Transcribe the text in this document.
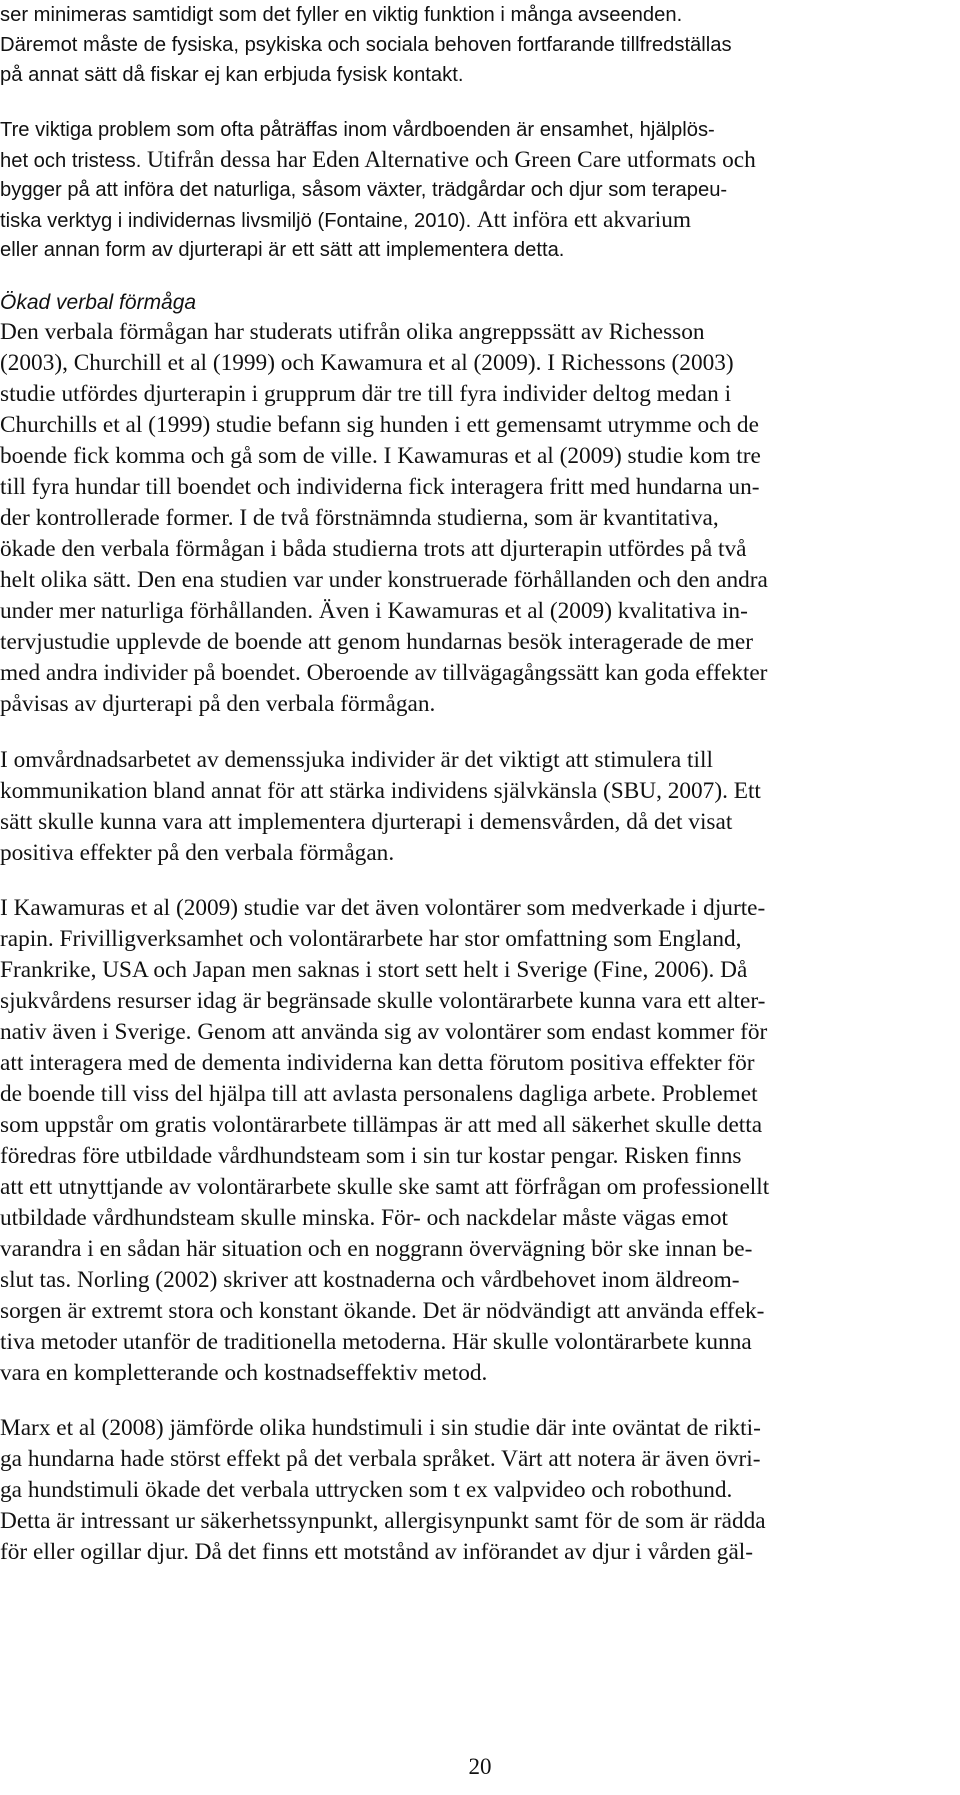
ser minimeras samtidigt som det fyller en viktig funktion i många avseenden.
Däremot måste de fysiska, psykiska och sociala behoven fortfarande tillfredställas
på annat sätt då fiskar ej kan erbjuda fysisk kontakt.
Tre viktiga problem som ofta påträffas inom vårdboenden är ensamhet, hjälplös-
het och tristess. Utifrån dessa har Eden Alternative och Green Care utformats och
bygger på att införa det naturliga, såsom växter, trädgårdar och djur som terapeu-
tiska verktyg i individernas livsmiljö (Fontaine, 2010). Att införa ett akvarium
eller annan form av djurterapi är ett sätt att implementera detta.
Ökad verbal förmåga
Den verbala förmågan har studerats utifrån olika angreppssätt av Richesson
(2003), Churchill et al (1999) och Kawamura et al (2009). I Richessons (2003)
studie utfördes djurterapin i grupprum där tre till fyra individer deltog medan i
Churchills et al (1999) studie befann sig hunden i ett gemensamt utrymme och de
boende fick komma och gå som de ville. I Kawamuras et al (2009) studie kom tre
till fyra hundar till boendet och individerna fick interagera fritt med hundarna un-
der kontrollerade former. I de två förstnämnda studierna, som är kvantitativa,
ökade den verbala förmågan i båda studierna trots att djurterapin utfördes på två
helt olika sätt. Den ena studien var under konstruerade förhållanden och den andra
under mer naturliga förhållanden. Även i Kawamuras et al (2009) kvalitativa in-
tervjustudie upplevde de boende att genom hundarnas besök interagerade de mer
med andra individer på boendet. Oberoende av tillvägagångssätt kan goda effekter
påvisas av djurterapi på den verbala förmågan.
I omvårdnadsarbetet av demenssjuka individer är det viktigt att stimulera till
kommunikation bland annat för att stärka individens självkänsla (SBU, 2007). Ett
sätt skulle kunna vara att implementera djurterapi i demensvården, då det visat
positiva effekter på den verbala förmågan.
I Kawamuras et al (2009) studie var det även volontärer som medverkade i djurte-
rapin. Frivilligverksamhet och volontärarbete har stor omfattning som England,
Frankrike, USA och Japan men saknas i stort sett helt i Sverige (Fine, 2006). Då
sjukvårdens resurser idag är begränsade skulle volontärarbete kunna vara ett alter-
nativ även i Sverige. Genom att använda sig av volontärer som endast kommer för
att interagera med de dementa individerna kan detta förutom positiva effekter för
de boende till viss del hjälpa till att avlasta personalens dagliga arbete. Problemet
som uppstår om gratis volontärarbete tillämpas är att med all säkerhet skulle detta
föredras före utbildade vårdhundsteam som i sin tur kostar pengar. Risken finns
att ett utnyttjande av volontärarbete skulle ske samt att förfrågan om professionellt
utbildade vårdhundsteam skulle minska. För- och nackdelar måste vägas emot
varandra i en sådan här situation och en noggrann övervägning bör ske innan be-
slut tas. Norling (2002) skriver att kostnaderna och vårdbehovet inom äldreom-
sorgen är extremt stora och konstant ökande. Det är nödvändigt att använda effek-
tiva metoder utanför de traditionella metoderna. Här skulle volontärarbete kunna
vara en kompletterande och kostnadseffektiv metod.
Marx et al (2008) jämförde olika hundstimuli i sin studie där inte oväntat de rikti-
ga hundarna hade störst effekt på det verbala språket. Värt att notera är även övri-
ga hundstimuli ökade det verbala uttrycken som t ex valpvideo och robothund.
Detta är intressant ur säkerhetssynpunkt, allergisynpunkt samt för de som är rädda
för eller ogillar djur. Då det finns ett motstånd av införandet av djur i vården gäl-
20
